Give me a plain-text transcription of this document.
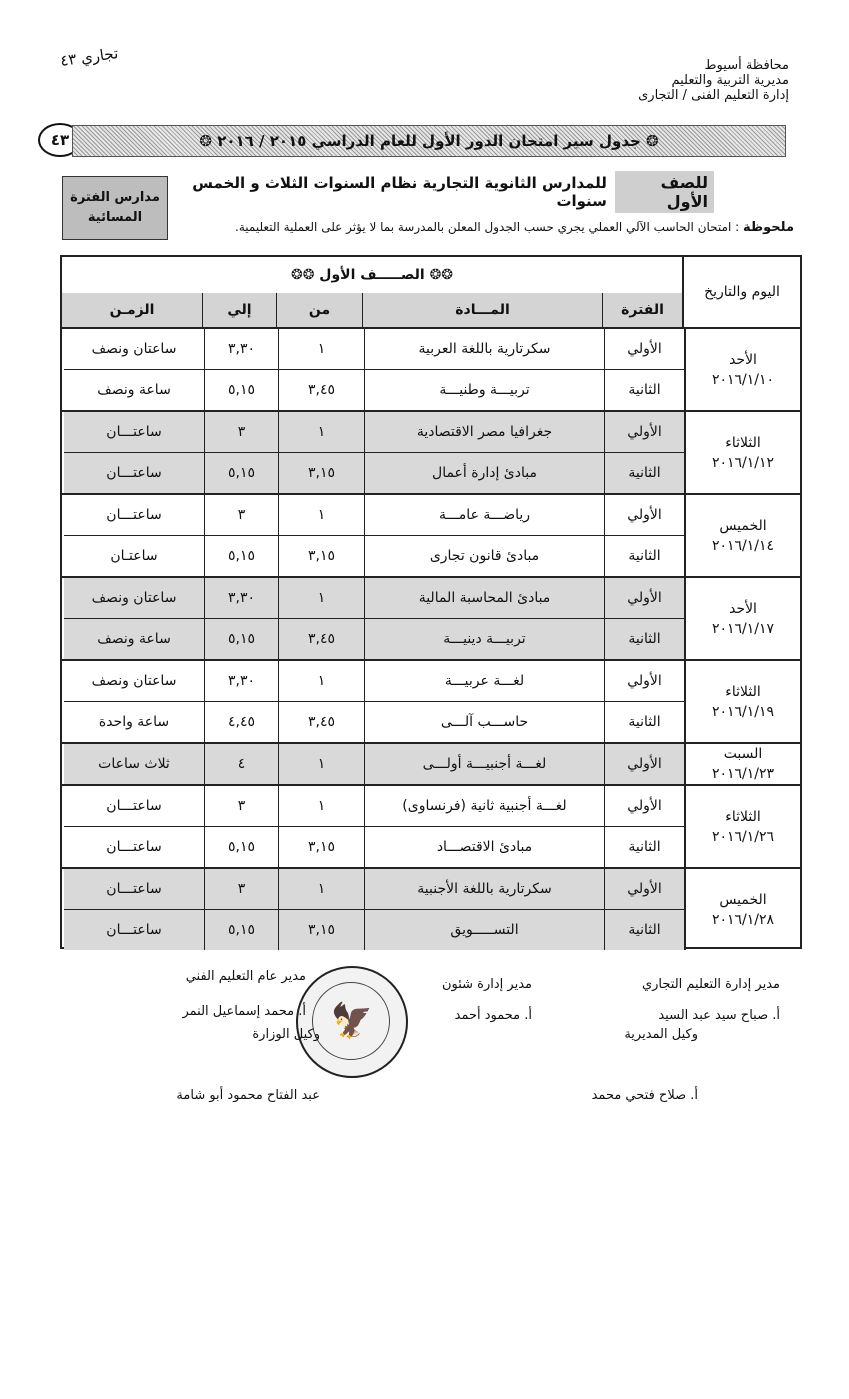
تجاري ٤٣	محافظة أسيوط
مديرية التربية والتعليم
إدارة التعليم الفنى / التجارى
٤٣	❂ جدول سير امتحان الدور الأول للعام الدراسي ٢٠١٥ / ٢٠١٦ ❂
للصف الأول
للمدارس الثانوية التجارية نظام السنوات الثلاث و الخمس سنوات
مدارس الفترة
المسائية
ملحوظة : امتحان الحاسب الآلي العملي يجري حسب الجدول المعلن بالمدرسة بما لا يؤثر على العملية التعليمية.
اليوم والتاريخ
❂❂ الصـــــف الأول ❂❂
الفترة
المـــادة
من
إلي
الزمـن
الأحد
٢٠١٦/١/١٠
الأولي
سكرتارية باللغة العربية
١
٣,٣٠
ساعتان ونصف
الثانية
تربيـــة وطنيـــة
٣,٤٥
٥,١٥
ساعة ونصف
الثلاثاء
٢٠١٦/١/١٢
الأولي
جغرافيا مصر الاقتصادية
١
٣
ساعتـــان
الثانية
مبادئ إدارة أعمال
٣,١٥
٥,١٥
ساعتـــان
الخميس
٢٠١٦/١/١٤
الأولي
رياضـــة عامـــة
١
٣
ساعتـــان
الثانية
مبادئ قانون تجارى
٣,١٥
٥,١٥
ساعتـان
الأحد
٢٠١٦/١/١٧
الأولي
مبادئ المحاسبة المالية
١
٣,٣٠
ساعتان ونصف
الثانية
تربيـــة دينيـــة
٣,٤٥
٥,١٥
ساعة ونصف
الثلاثاء
٢٠١٦/١/١٩
الأولي
لغـــة عربيـــة
١
٣,٣٠
ساعتان ونصف
الثانية
حاســـب آلـــى
٣,٤٥
٤,٤٥
ساعة واحدة
السبت
٢٠١٦/١/٢٣
الأولي
لغـــة أجنبيـــة أولـــى
١
٤
ثلاث ساعات
الثلاثاء
٢٠١٦/١/٢٦
الأولي
لغـــة أجنبية ثانية (فرنساوى)
١
٣
ساعتـــان
الثانية
مبادئ الاقتصـــاد
٣,١٥
٥,١٥
ساعتـــان
الخميس
٢٠١٦/١/٢٨
الأولي
سكرتارية باللغة الأجنبية
١
٣
ساعتـــان
الثانية
التســـــويق
٣,١٥
٥,١٥
ساعتـــان
🦅
مدير إدارة التعليم التجاري
أ. صباح سيد عبد السيد
مدير إدارة شئون
أ. محمود أحمد
مدير عام التعليم الفني
أ. محمد إسماعيل النمر
وكيل المديرية
أ. صلاح فتحي محمد
وكيل الوزارة
عبد الفتاح محمود أبو شامة
